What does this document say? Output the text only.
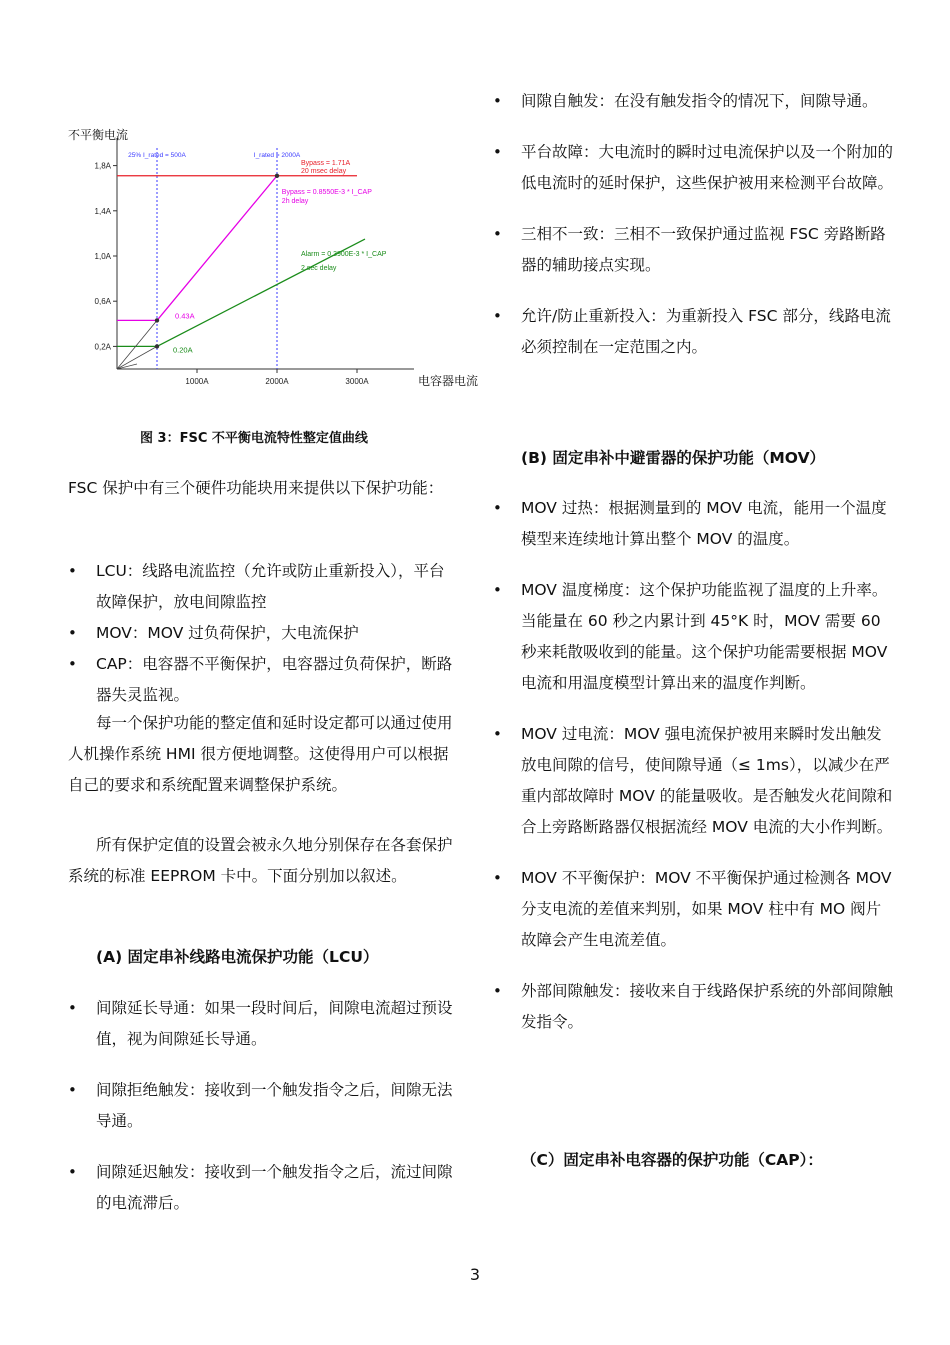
不平衡电流
电容器电流
0,2A
0,6A
1,0A
1,4A
1,8A
1000A	2000A	3000A
25% I_rated = 500A	I_rated = 2000A
Bypass = 1.71A
20 msec delay
Bypass = 0.8550E-3 * I_CAP
2h delay
Alarm = 0.3900E-3 * I_CAP
2 sec delay
0.43A
0.20A
图 3：FSC 不平衡电流特性整定值曲线

FSC 保护中有三个硬件功能块用来提供以下保护功能：

• LCU：线路电流监控（允许或防止重新投入），平台故障保护，放电间隙监控
• MOV：MOV 过负荷保护，大电流保护
• CAP：电容器不平衡保护，电容器过负荷保护，断路器失灵监视。

每一个保护功能的整定值和延时设定都可以通过使用人机操作系统 HMI 很方便地调整。这使得用户可以根据自己的要求和系统配置来调整保护系统。

所有保护定值的设置会被永久地分别保存在各套保护系统的标准 EEPROM 卡中。下面分别加以叙述。

(A) 固定串补线路电流保护功能（LCU）
• 间隙延长导通：如果一段时间后，间隙电流超过预设值，视为间隙延长导通。
• 间隙拒绝触发：接收到一个触发指令之后，间隙无法导通。
• 间隙延迟触发：接收到一个触发指令之后，流过间隙的电流滞后。
• 间隙自触发：在没有触发指令的情况下，间隙导通。
• 平台故障：大电流时的瞬时过电流保护以及一个附加的低电流时的延时保护，这些保护被用来检测平台故障。
• 三相不一致：三相不一致保护通过监视 FSC 旁路断路器的辅助接点实现。
• 允许/防止重新投入：为重新投入 FSC 部分，线路电流必须控制在一定范围之内。
(B) 固定串补中避雷器的保护功能（MOV）
• MOV 过热：根据测量到的 MOV 电流，能用一个温度模型来连续地计算出整个 MOV 的温度。
• MOV 温度梯度：这个保护功能监视了温度的上升率。当能量在 60 秒之内累计到 45°K 时，MOV 需要 60 秒来耗散吸收到的能量。这个保护功能需要根据 MOV 电流和用温度模型计算出来的温度作判断。
• MOV 过电流：MOV 强电流保护被用来瞬时发出触发放电间隙的信号，使间隙导通（≤ 1ms），以减少在严重内部故障时 MOV 的能量吸收。是否触发火花间隙和合上旁路断路器仅根据流经 MOV 电流的大小作判断。
• MOV 不平衡保护：MOV 不平衡保护通过检测各 MOV 分支电流的差值来判别，如果 MOV 柱中有 MO 阀片故障会产生电流差值。
• 外部间隙触发：接收来自于线路保护系统的外部间隙触发指令。
（C）固定串补电容器的保护功能（CAP）：
3
